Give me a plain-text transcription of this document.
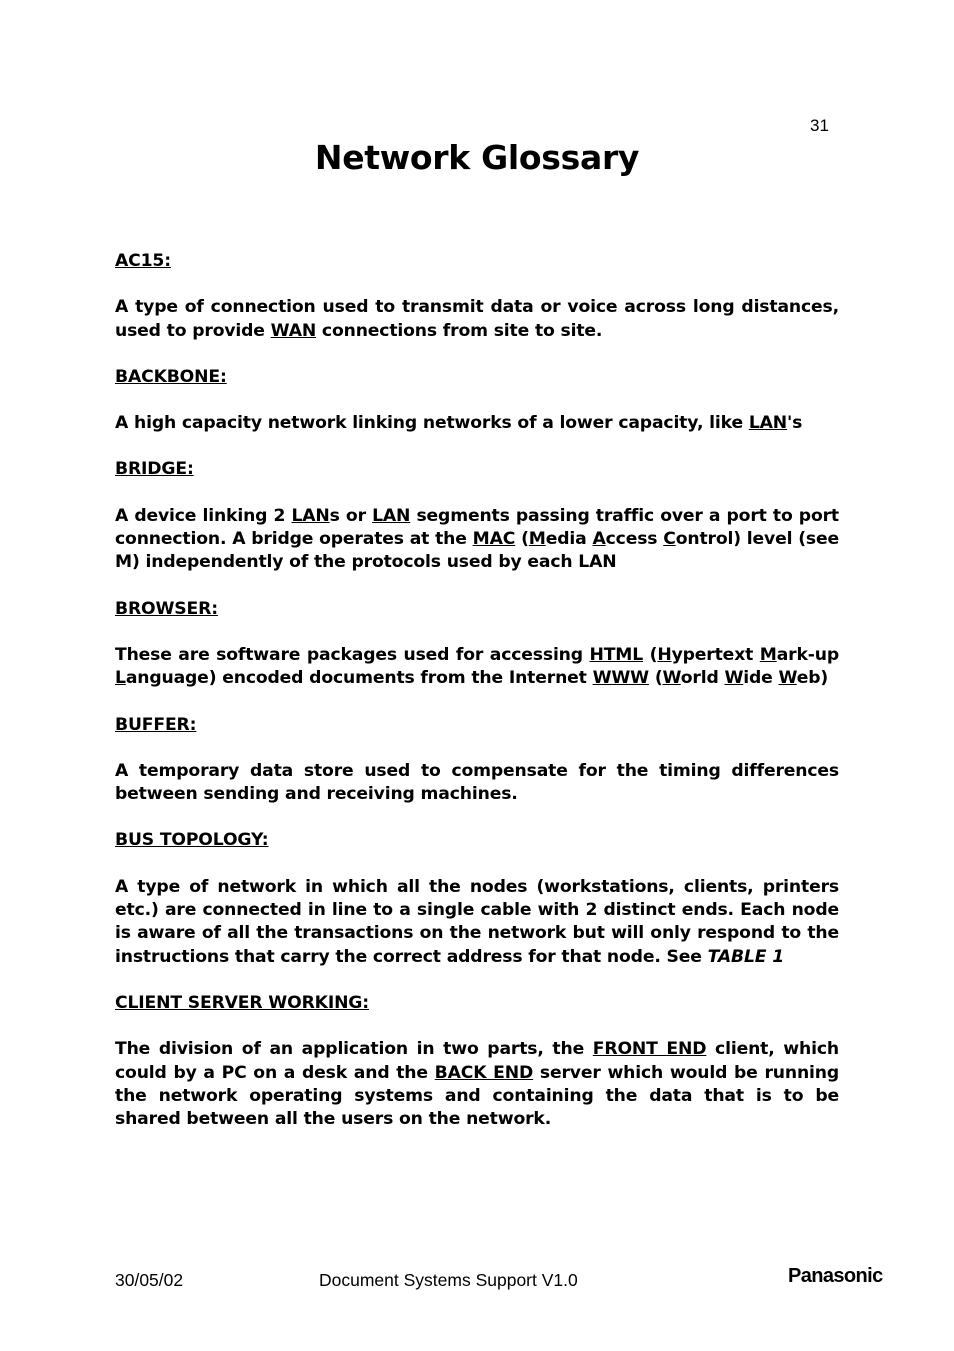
31
Network Glossary
AC15:
A type of connection used to transmit data or voice across long distances, used to provide WAN connections from site to site.
BACKBONE:
A high capacity network linking networks of a lower capacity, like LAN's
BRIDGE:
A device linking 2 LANs or LAN segments passing traffic over a port to port connection. A bridge operates at the MAC (Media Access Control) level (see M) independently of the protocols used by each LAN
BROWSER:
These are software packages used for accessing HTML (Hypertext Mark-up Language) encoded documents from the Internet WWW (World Wide Web)
BUFFER:
A temporary data store used to compensate for the timing differences between sending and receiving machines.
BUS TOPOLOGY:
A type of network in which all the nodes (workstations, clients, printers etc.) are connected in line to a single cable with 2 distinct ends. Each node is aware of all the transactions on the network but will only respond to the instructions that carry the correct address for that node. See TABLE 1
CLIENT SERVER WORKING:
The division of an application in two parts, the FRONT END client, which could by a PC on a desk and the BACK END server which would be running the network operating systems and containing the data that is to be shared between all the users on the network.
30/05/02	Document Systems Support V1.0	Panasonic
